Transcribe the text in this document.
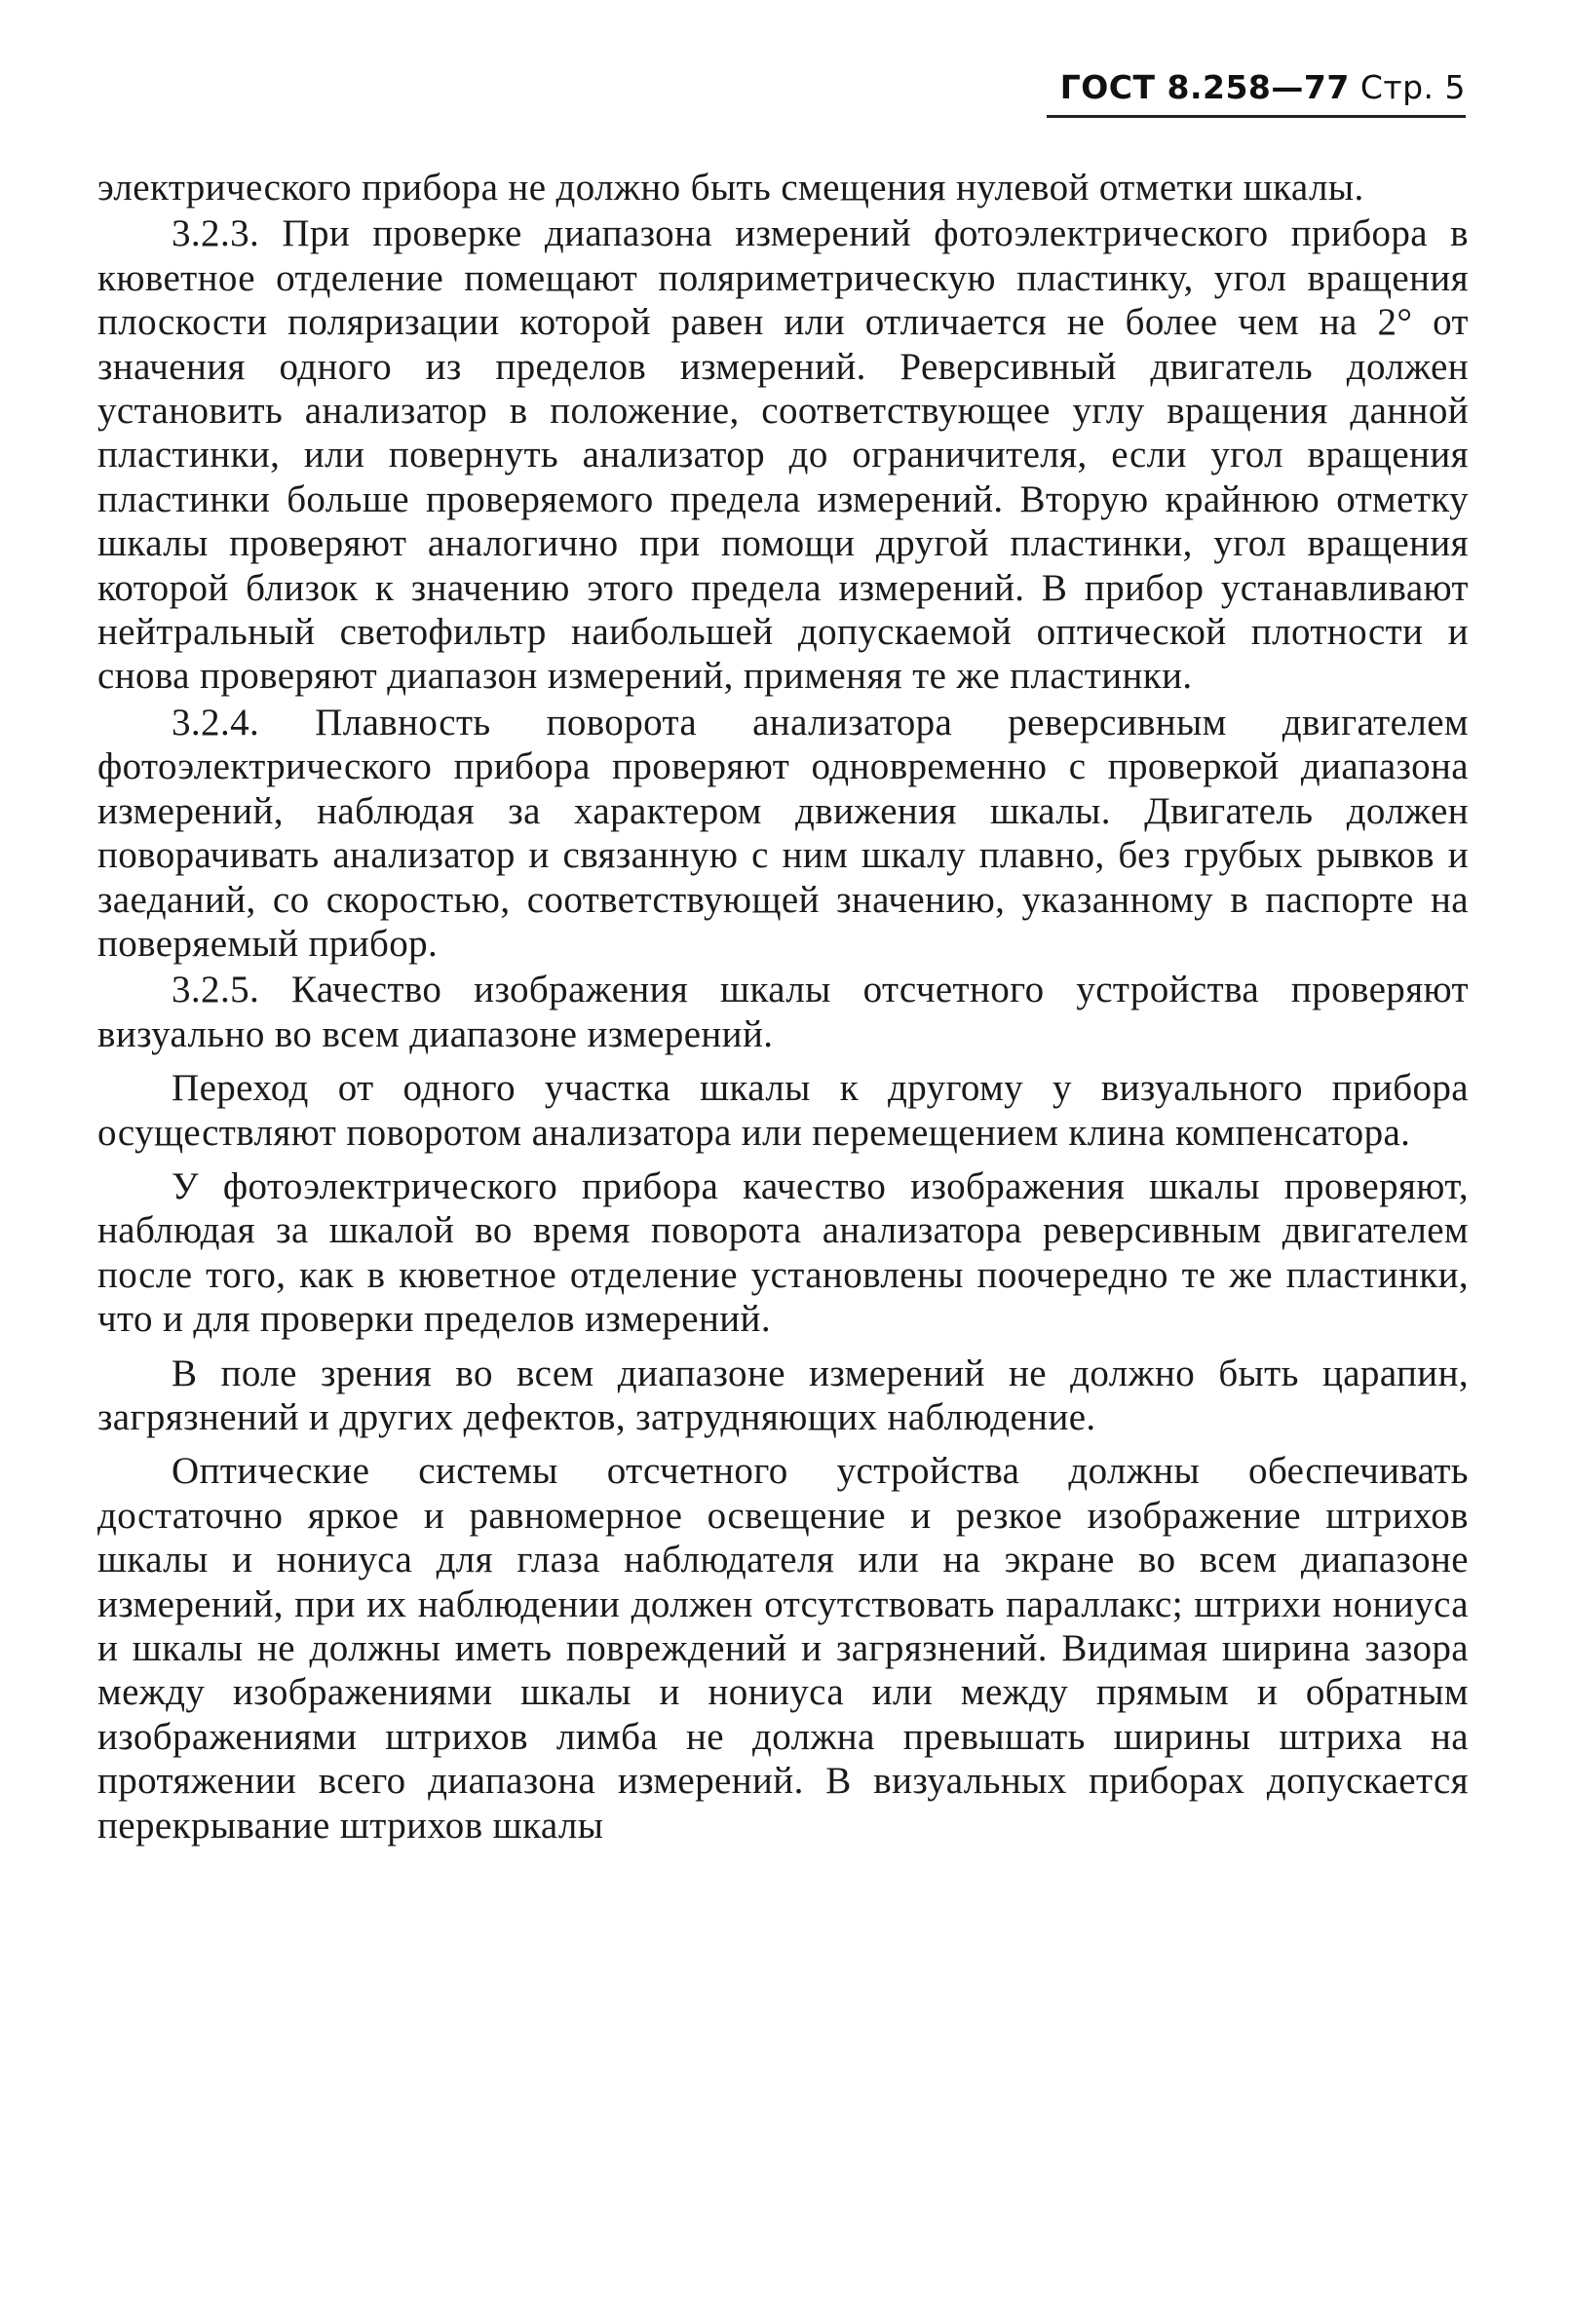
ГОСТ 8.258—77 Стр. 5

электрического прибора не должно быть смещения нулевой отметки шкалы.

3.2.3. При проверке диапазона измерений фотоэлектрического прибора в кюветное отделение помещают поляриметрическую пластинку, угол вращения плоскости поляризации которой равен или отличается не более чем на 2° от значения одного из пределов измерений. Реверсивный двигатель должен установить анализатор в положение, соответствующее углу вращения данной пластинки, или повернуть анализатор до ограничителя, если угол вращения пластинки больше проверяемого предела измерений. Вторую крайнюю отметку шкалы проверяют аналогично при помощи другой пластинки, угол вращения которой близок к значению этого предела измерений. В прибор устанавливают нейтральный светофильтр наибольшей допускаемой оптической плотности и снова проверяют диапазон измерений, применяя те же пластинки.

3.2.4. Плавность поворота анализатора реверсивным двигателем фотоэлектрического прибора проверяют одновременно с проверкой диапазона измерений, наблюдая за характером движения шкалы. Двигатель должен поворачивать анализатор и связанную с ним шкалу плавно, без грубых рывков и заеданий, со скоростью, соответствующей значению, указанному в паспорте на поверяемый прибор.

3.2.5. Качество изображения шкалы отсчетного устройства проверяют визуально во всем диапазоне измерений.

Переход от одного участка шкалы к другому у визуального прибора осуществляют поворотом анализатора или перемещением клина компенсатора.

У фотоэлектрического прибора качество изображения шкалы проверяют, наблюдая за шкалой во время поворота анализатора реверсивным двигателем после того, как в кюветное отделение установлены поочередно те же пластинки, что и для проверки пределов измерений.

В поле зрения во всем диапазоне измерений не должно быть царапин, загрязнений и других дефектов, затрудняющих наблюдение.

Оптические системы отсчетного устройства должны обеспечивать достаточно яркое и равномерное освещение и резкое изображение штрихов шкалы и нониуса для глаза наблюдателя или на экране во всем диапазоне измерений, при их наблюдении должен отсутствовать параллакс; штрихи нониуса и шкалы не должны иметь повреждений и загрязнений. Видимая ширина зазора между изображениями шкалы и нониуса или между прямым и обратным изображениями штрихов лимба не должна превышать ширины штриха на протяжении всего диапазона измерений. В визуальных приборах допускается перекрывание штрихов шкалы
